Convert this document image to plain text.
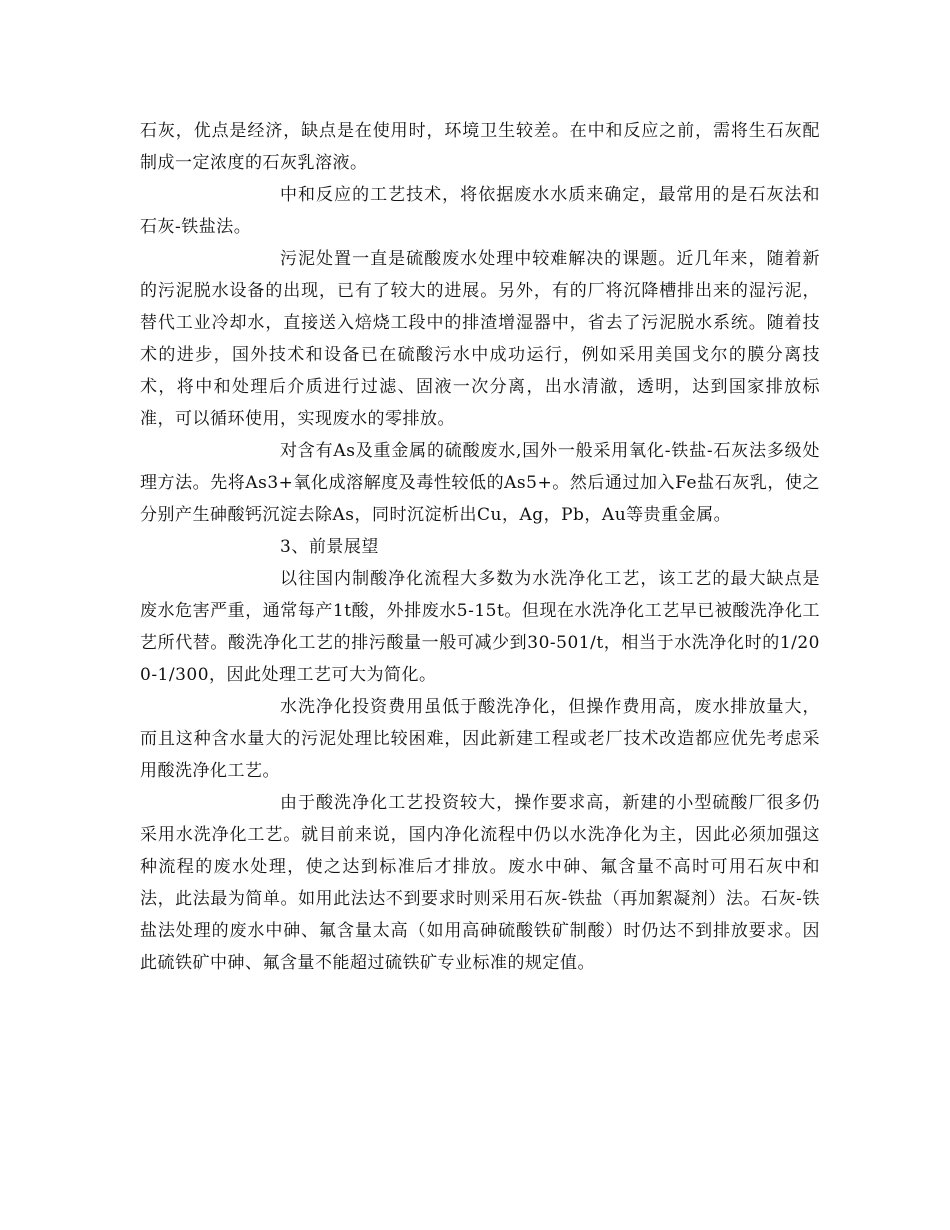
石灰，优点是经济，缺点是在使用时，环境卫生较差。在中和反应之前，需将生石灰配制成一定浓度的石灰乳溶液。

中和反应的工艺技术，将依据废水水质来确定，最常用的是石灰法和石灰-铁盐法。

污泥处置一直是硫酸废水处理中较难解决的课题。近几年来，随着新的污泥脱水设备的出现，已有了较大的进展。另外，有的厂将沉降槽排出来的湿污泥，替代工业冷却水，直接送入焙烧工段中的排渣增湿器中，省去了污泥脱水系统。随着技术的进步，国外技术和设备已在硫酸污水中成功运行，例如采用美国戈尔的膜分离技术，将中和处理后介质进行过滤、固液一次分离，出水清澈，透明，达到国家排放标准，可以循环使用，实现废水的零排放。

对含有As及重金属的硫酸废水,国外一般采用氧化-铁盐-石灰法多级处理方法。先将As3+氧化成溶解度及毒性较低的As5+。然后通过加入Fe盐石灰乳，使之分别产生砷酸钙沉淀去除As，同时沉淀析出Cu，Ag，Pb，Au等贵重金属。

3、前景展望

以往国内制酸净化流程大多数为水洗净化工艺，该工艺的最大缺点是废水危害严重，通常每产1t酸，外排废水5-15t。但现在水洗净化工艺早已被酸洗净化工艺所代替。酸洗净化工艺的排污酸量一般可减少到30-501/t，相当于水洗净化时的1/200-1/300，因此处理工艺可大为简化。

水洗净化投资费用虽低于酸洗净化，但操作费用高，废水排放量大，而且这种含水量大的污泥处理比较困难，因此新建工程或老厂技术改造都应优先考虑采用酸洗净化工艺。

由于酸洗净化工艺投资较大，操作要求高，新建的小型硫酸厂很多仍采用水洗净化工艺。就目前来说，国内净化流程中仍以水洗净化为主，因此必须加强这种流程的废水处理，使之达到标准后才排放。废水中砷、氟含量不高时可用石灰中和法，此法最为简单。如用此法达不到要求时则采用石灰-铁盐（再加絮凝剂）法。石灰-铁盐法处理的废水中砷、氟含量太高（如用高砷硫酸铁矿制酸）时仍达不到排放要求。因此硫铁矿中砷、氟含量不能超过硫铁矿专业标准的规定值。
